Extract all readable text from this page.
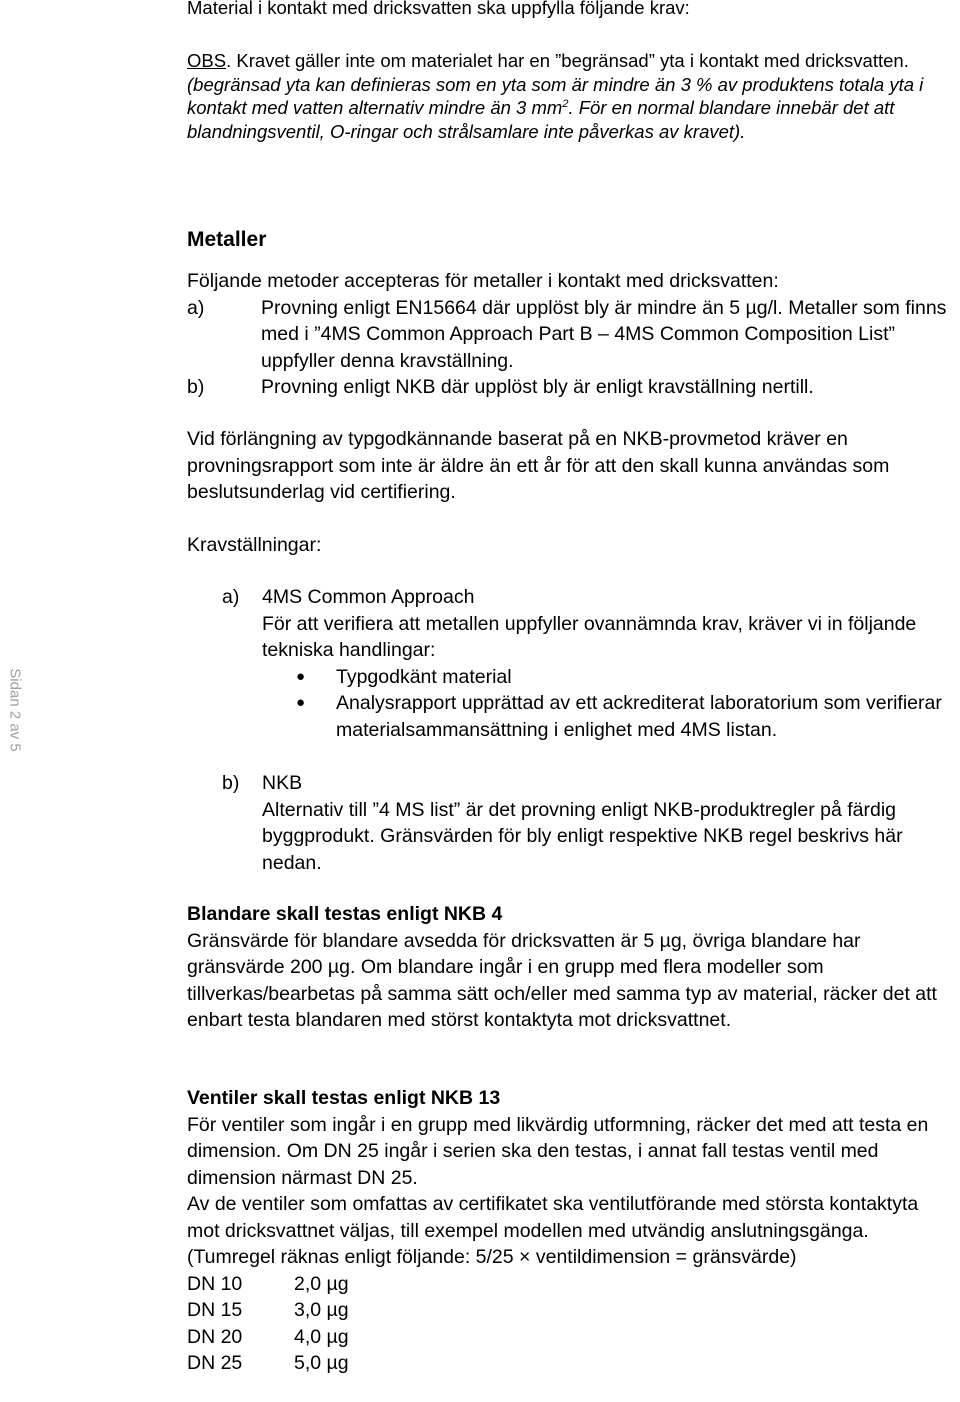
Sidan 2 av 5

Material i kontakt med dricksvatten ska uppfylla följande krav:

OBS. Kravet gäller inte om materialet har en ”begränsad” yta i kontakt med dricksvatten.
(begränsad yta kan definieras som en yta som är mindre än 3 % av produktens totala yta i kontakt med vatten alternativ mindre än 3 $mm^2$. För en normal blandare innebär det att blandningsventil, O-ringar och strålsamlare inte påverkas av kravet).

Metaller

Följande metoder accepteras för metaller i kontakt med dricksvatten:
a)	Provning enligt EN15664 där upplöst bly är mindre än 5 µg/l. Metaller som finns med i ”4MS Common Approach Part B – 4MS Common Composition List” uppfyller denna kravställning.
b)	Provning enligt NKB där upplöst bly är enligt kravställning nertill.

Vid förlängning av typgodkännande baserat på en NKB-provmetod kräver en provningsrapport som inte är äldre än ett år för att den skall kunna användas som beslutsunderlag vid certifiering.

Kravställningar:

a) 4MS Common Approach
För att verifiera att metallen uppfyller ovannämnda krav, kräver vi in följande tekniska handlingar:
● Typgodkänt material
● Analysrapport upprättad av ett ackrediterat laboratorium som verifierar materialsammansättning i enlighet med 4MS listan.
b) NKB
Alternativ till ”4 MS list” är det provning enligt NKB-produktregler på färdig byggprodukt. Gränsvärden för bly enligt respektive NKB regel beskrivs här nedan.
Blandare skall testas enligt NKB 4
Gränsvärde för blandare avsedda för dricksvatten är 5 µg, övriga blandare har gränsvärde 200 µg. Om blandare ingår i en grupp med flera modeller som tillverkas/bearbetas på samma sätt och/eller med samma typ av material, räcker det att enbart testa blandaren med störst kontaktyta mot dricksvattnet.
Ventiler skall testas enligt NKB 13
För ventiler som ingår i en grupp med likvärdig utformning, räcker det med att testa en dimension. Om DN 25 ingår i serien ska den testas, i annat fall testas ventil med dimension närmast DN 25.
Av de ventiler som omfattas av certifikatet ska ventilutförande med största kontaktyta mot dricksvattnet väljas, till exempel modellen med utvändig anslutningsgänga.
(Tumregel räknas enligt följande: 5/25 × ventildimension = gränsvärde)
DN 10	2,0 µg
DN 15	3,0 µg
DN 20	4,0 µg
DN 25	5,0 µg
